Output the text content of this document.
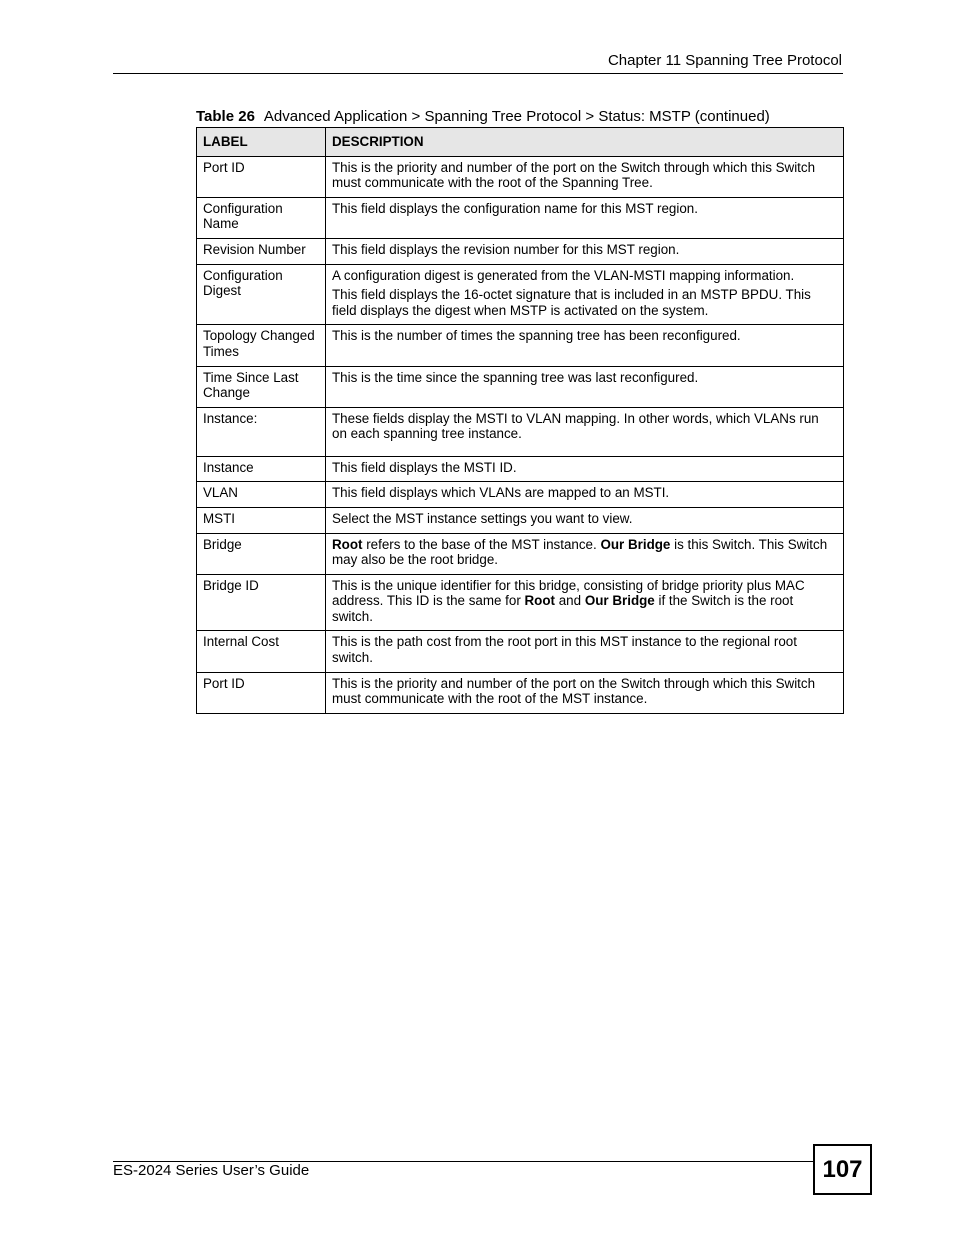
Chapter 11 Spanning Tree Protocol
Table 26 Advanced Application > Spanning Tree Protocol > Status: MSTP (continued)
LABEL	DESCRIPTION
Port ID	This is the priority and number of the port on the Switch through which this Switch must communicate with the root of the Spanning Tree.

Configuration Name	This field displays the configuration name for this MST region.

Revision Number	This field displays the revision number for this MST region.

Configuration Digest	A configuration digest is generated from the VLAN-MSTI mapping information.

This field displays the 16-octet signature that is included in an MSTP BPDU. This field displays the digest when MSTP is activated on the system.

Topology Changed Times	This is the number of times the spanning tree has been reconfigured.

Time Since Last Change	This is the time since the spanning tree was last reconfigured.

Instance:	These fields display the MSTI to VLAN mapping. In other words, which VLANs run on each spanning tree instance.

Instance	This field displays the MSTI ID.

VLAN	This field displays which VLANs are mapped to an MSTI.

MSTI	Select the MST instance settings you want to view.

Bridge	Root refers to the base of the MST instance. Our Bridge is this Switch. This Switch may also be the root bridge.

Bridge ID	This is the unique identifier for this bridge, consisting of bridge priority plus MAC address. This ID is the same for Root and Our Bridge if the Switch is the root switch.

Internal Cost	This is the path cost from the root port in this MST instance to the regional root switch.

Port ID	This is the priority and number of the port on the Switch through which this Switch must communicate with the root of the MST instance.

ES-2024 Series User’s Guide	107
